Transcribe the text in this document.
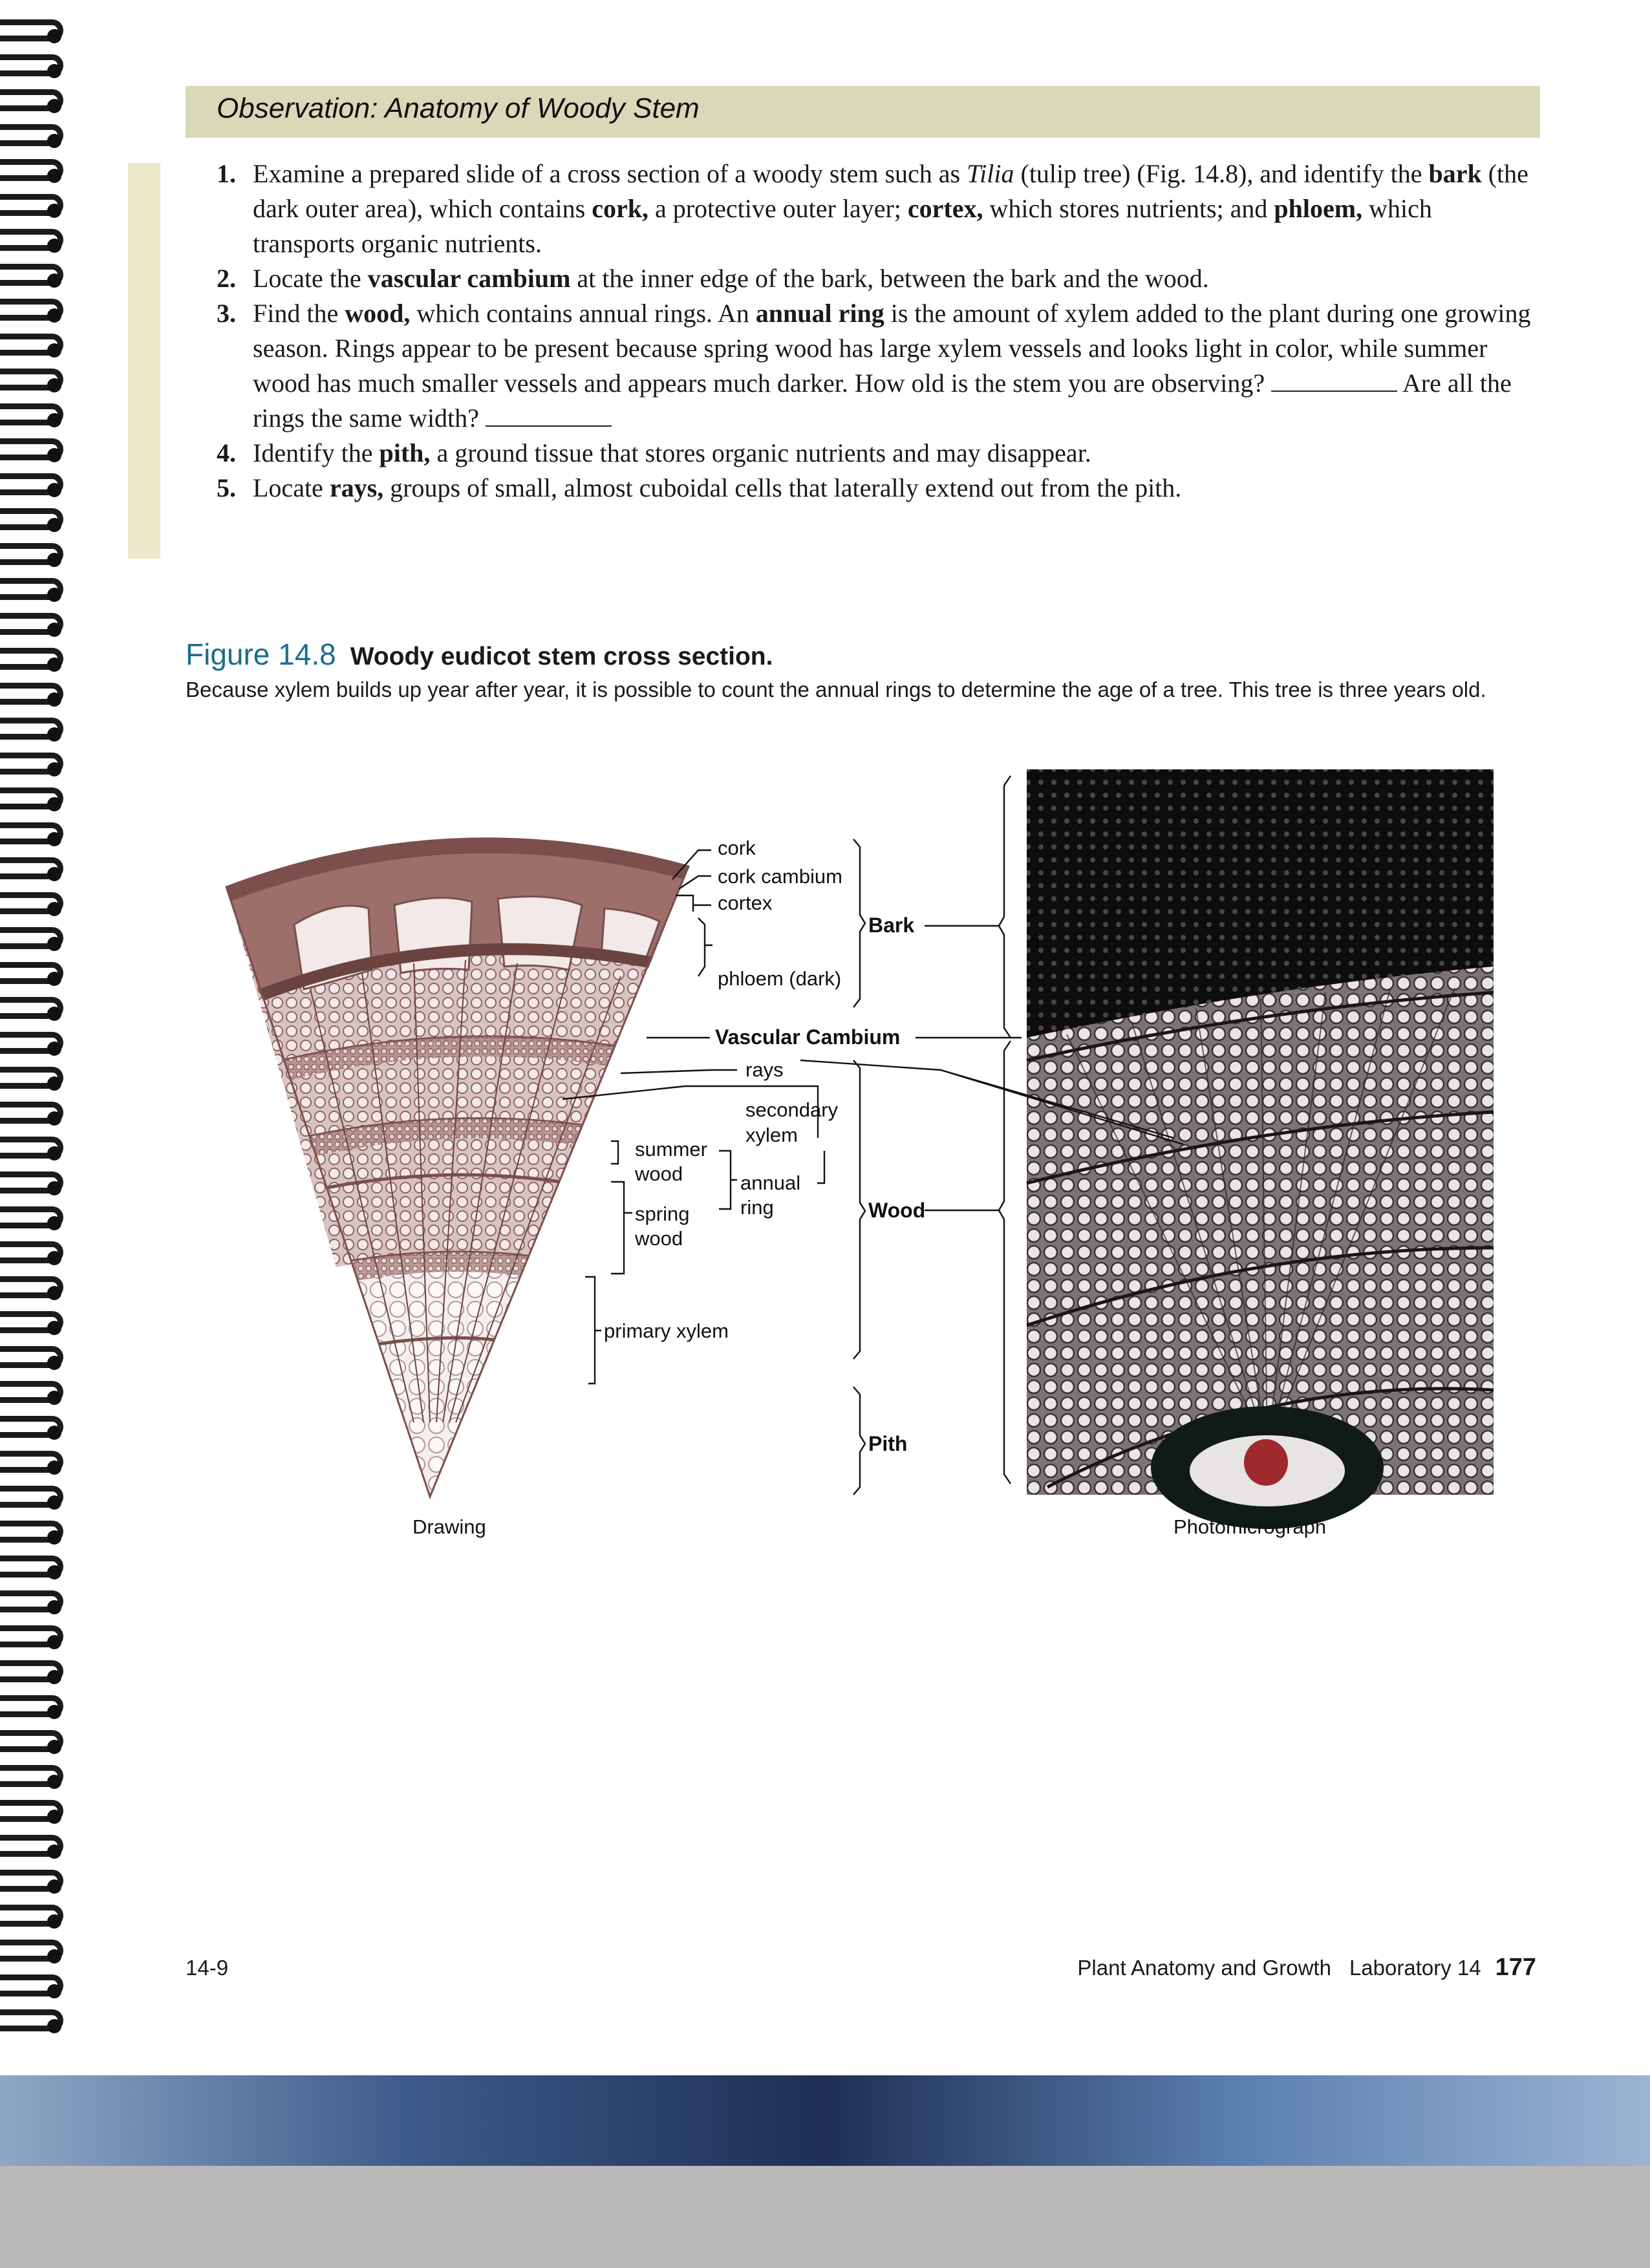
Observation: Anatomy of Woody Stem

1. Examine a prepared slide of a cross section of a woody stem such as Tilia (tulip tree) (Fig. 14.8), and identify the bark (the dark outer area), which contains cork, a protective outer layer; cortex, which stores nutrients; and phloem, which transports organic nutrients.

2. Locate the vascular cambium at the inner edge of the bark, between the bark and the wood.

3. Find the wood, which contains annual rings. An annual ring is the amount of xylem added to the plant during one growing season. Rings appear to be present because spring wood has large xylem vessels and looks light in color, while summer wood has much smaller vessels and appears much darker. How old is the stem you are observing?	Are all the rings the same width?

4. Identify the pith, a ground tissue that stores organic nutrients and may disappear.

5. Locate rays, groups of small, almost cuboidal cells that laterally extend out from the pith.

Figure 14.8 Woody eudicot stem cross section.
Because xylem builds up year after year, it is possible to count the annual rings to determine the age of a tree. This tree is three years old.
cork
cork cambium
cortex
phloem (dark)
Bark
Vascular Cambium
rays
secondary
xylem
summer
wood	annual
ring
spring
wood
Wood
primary xylem
Pith
Drawing	Photomicrograph
14-9	Plant Anatomy and Growth Laboratory 14 177
